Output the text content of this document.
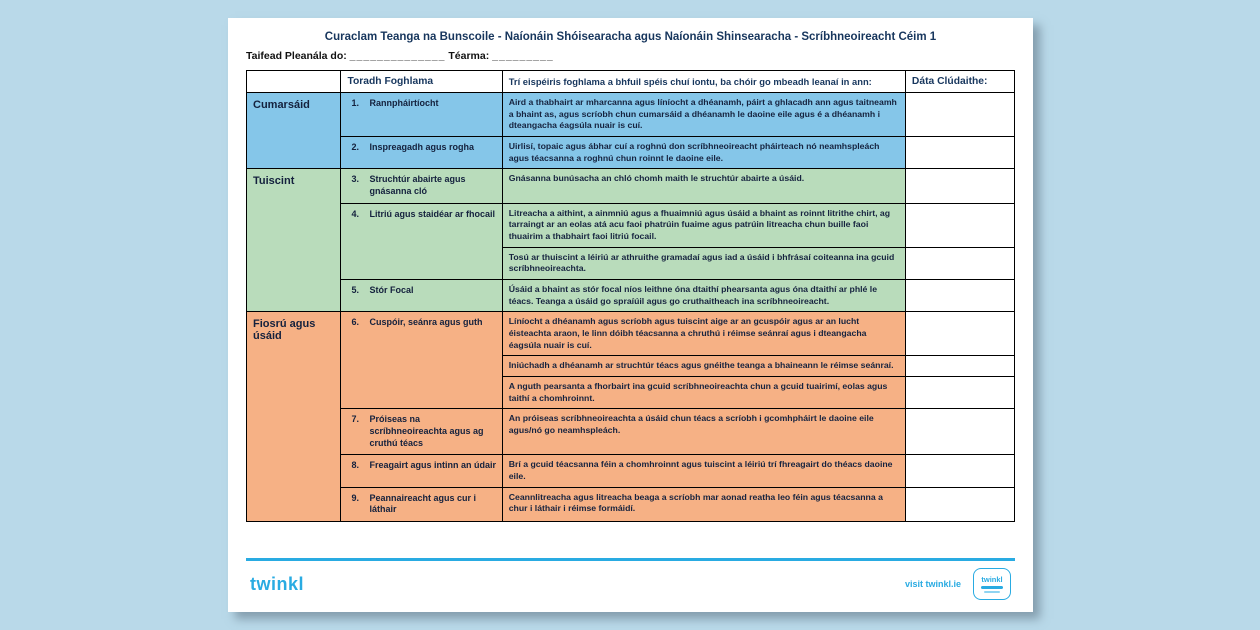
Curaclam Teanga na Bunscoile - Naíonáin Shóisearacha agus Naíonáin Shinsearacha - Scríbhneoireacht Céim 1
Taifead Pleanála do: ______________ Téarma: _________
	Toradh Foghlama	Trí eispéiris foghlama a bhfuil spéis chuí iontu, ba chóir go mbeadh leanaí in ann:	Dáta Clúdaithe:
Cumarsáid	1. Rannpháirtíocht	Aird a thabhairt ar mharcanna agus líníocht a dhéanamh, páirt a ghlacadh ann agus taitneamh a bhaint as, agus scríobh chun cumarsáid a dhéanamh le daoine eile agus é a dhéanamh i dteangacha éagsúla nuair is cuí.	

	2. Inspreagadh agus rogha	Uirlisí, topaic agus ábhar cuí a roghnú don scríbhneoireacht pháirteach nó neamhspleách agus téacsanna a roghnú chun roinnt le daoine eile.	
Tuiscint	3. Struchtúr abairte agus gnásanna cló	Gnásanna bunúsacha an chló chomh maith le struchtúr abairte a úsáid.	

	4. Litriú agus staidéar ar fhocail	Litreacha a aithint, a ainmniú agus a fhuaimniú agus úsáid a bhaint as roinnt litrithe chirt, ag tarraingt ar an eolas atá acu faoi phatrúin fuaime agus patrúin litreacha chun buille faoi thuairim a thabhairt faoi litriú focail.	
		Tosú ar thuiscint a léiriú ar athruithe gramadaí agus iad a úsáid i bhfrásaí coiteanna ina gcuid scríbhneoireachta.	

	5. Stór Focal	Úsáid a bhaint as stór focal níos leithne óna dtaithí phearsanta agus óna dtaithí ar phlé le téacs. Teanga a úsáid go spraíúil agus go cruthaitheach ina scríbhneoireacht.	
Fiosrú agus úsáid	6. Cuspóir, seánra agus guth	Líníocht a dhéanamh agus scríobh agus tuiscint aige ar an gcuspóir agus ar an lucht éisteachta araon, le linn dóibh téacsanna a chruthú i réimse seánraí agus i dteangacha éagsúla nuair is cuí.	
		Iniúchadh a dhéanamh ar struchtúr téacs agus gnéithe teanga a bhaineann le réimse seánraí.	
		A nguth pearsanta a fhorbairt ina gcuid scríbhneoireachta chun a gcuid tuairimí, eolas agus taithí a chomhroinnt.	

	7. Próiseas na scríbhneoireachta agus ag cruthú téacs	An próiseas scríbhneoireachta a úsáid chun téacs a scríobh i gcomhpháirt le daoine eile agus/nó go neamhspleách.	

	8. Freagairt agus intinn an údair	Brí a gcuid téacsanna féin a chomhroinnt agus tuiscint a léiriú trí fhreagairt do théacs daoine eile.	

	9. Peannaireacht agus cur i láthair	Ceannlitreacha agus litreacha beaga a scríobh mar aonad reatha leo féin agus téacsanna a chur i láthair i réimse formáidí.	
twinkl	visit twinkl.ie	twinkl
